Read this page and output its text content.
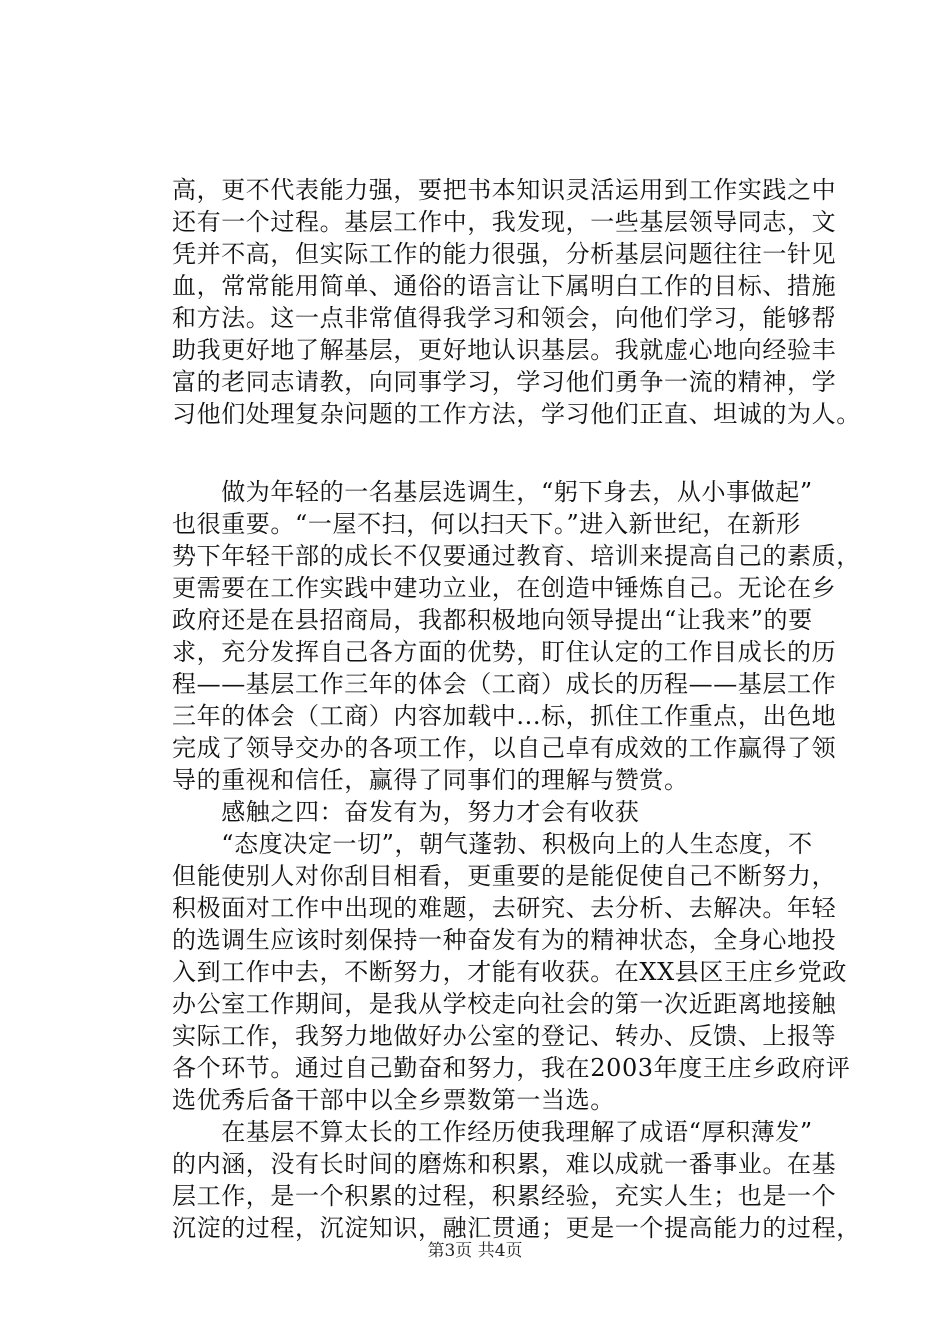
高，更不代表能力强，要把书本知识灵活运用到工作实践之中
还有一个过程。基层工作中，我发现，一些基层领导同志，文
凭并不高，但实际工作的能力很强，分析基层问题往往一针见
血，常常能用简单、通俗的语言让下属明白工作的目标、措施
和方法。这一点非常值得我学习和领会，向他们学习，能够帮
助我更好地了解基层，更好地认识基层。我就虚心地向经验丰
富的老同志请教，向同事学习，学习他们勇争一流的精神，学
习他们处理复杂问题的工作方法，学习他们正直、坦诚的为人。
　　做为年轻的一名基层选调生，“躬下身去，从小事做起”
也很重要。“一屋不扫，何以扫天下。”进入新世纪，在新形
势下年轻干部的成长不仅要通过教育、培训来提高自己的素质，
更需要在工作实践中建功立业，在创造中锤炼自己。无论在乡
政府还是在县招商局，我都积极地向领导提出“让我来”的要
求，充分发挥自己各方面的优势，盯住认定的工作目成长的历
程——基层工作三年的体会（工商）成长的历程——基层工作
三年的体会（工商）内容加载中...标，抓住工作重点，出色地
完成了领导交办的各项工作，以自己卓有成效的工作赢得了领
导的重视和信任，赢得了同事们的理解与赞赏。
　　感触之四：奋发有为，努力才会有收获
　　“态度决定一切”，朝气蓬勃、积极向上的人生态度，不
但能使别人对你刮目相看，更重要的是能促使自己不断努力，
积极面对工作中出现的难题，去研究、去分析、去解决。年轻
的选调生应该时刻保持一种奋发有为的精神状态，全身心地投
入到工作中去，不断努力，才能有收获。在XX县区王庄乡党政
办公室工作期间，是我从学校走向社会的第一次近距离地接触
实际工作，我努力地做好办公室的登记、转办、反馈、上报等
各个环节。通过自己勤奋和努力，我在2003年度王庄乡政府评
选优秀后备干部中以全乡票数第一当选。
　　在基层不算太长的工作经历使我理解了成语“厚积薄发”
的内涵，没有长时间的磨炼和积累，难以成就一番事业。在基
层工作，是一个积累的过程，积累经验，充实人生；也是一个
沉淀的过程，沉淀知识，融汇贯通；更是一个提高能力的过程，
第3页 共4页
